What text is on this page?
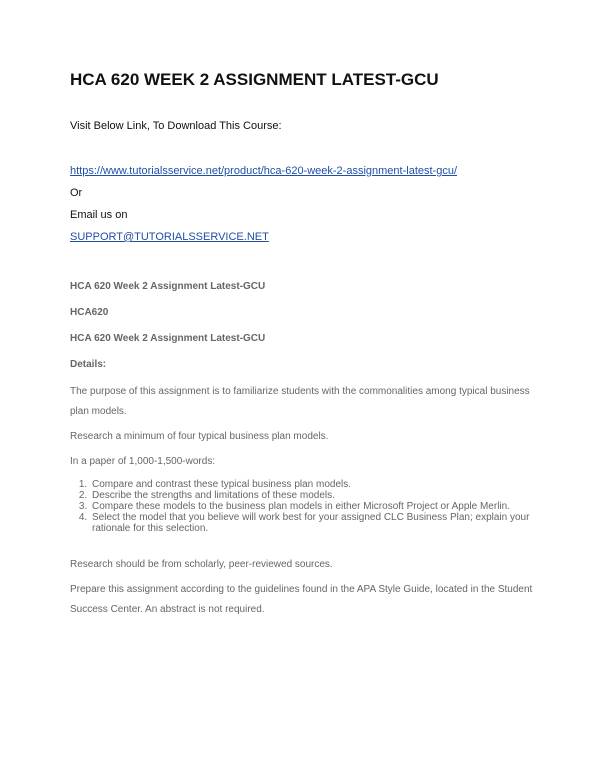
HCA 620 WEEK 2 ASSIGNMENT LATEST-GCU
Visit Below Link, To Download This Course:
https://www.tutorialsservice.net/product/hca-620-week-2-assignment-latest-gcu/
Or
Email us on
SUPPORT@TUTORIALSSERVICE.NET
HCA 620 Week 2 Assignment Latest-GCU
HCA620
HCA 620 Week 2 Assignment Latest-GCU
Details:
The purpose of this assignment is to familiarize students with the commonalities among typical business plan models.
Research a minimum of four typical business plan models.
In a paper of 1,000-1,500-words:
1. Compare and contrast these typical business plan models.
2. Describe the strengths and limitations of these models.
3. Compare these models to the business plan models in either Microsoft Project or Apple Merlin.
4. Select the model that you believe will work best for your assigned CLC Business Plan; explain your rationale for this selection.
Research should be from scholarly, peer-reviewed sources.
Prepare this assignment according to the guidelines found in the APA Style Guide, located in the Student Success Center. An abstract is not required.
